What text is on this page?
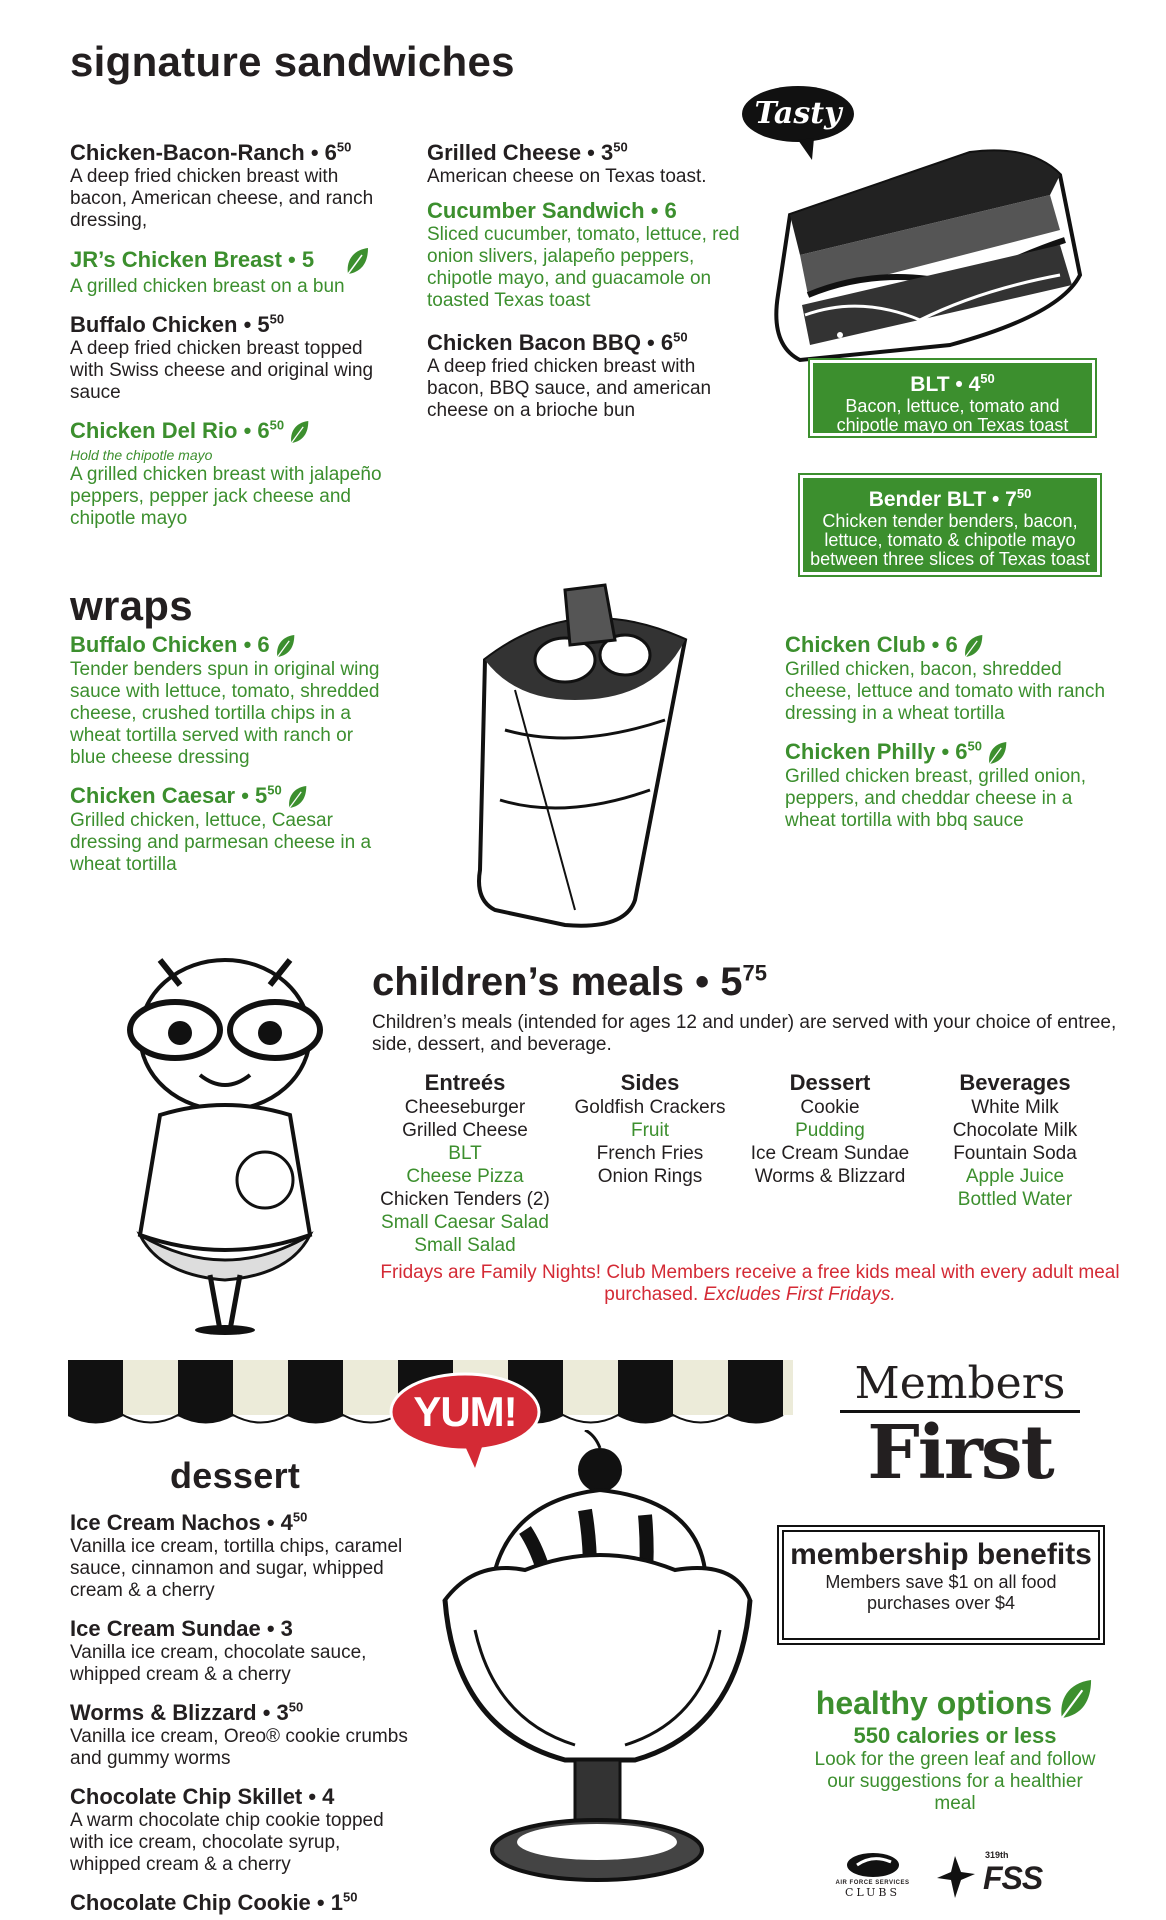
signature sandwiches
Chicken-Bacon-Ranch • $6^{50}$
A deep fried chicken breast with bacon, American cheese, and ranch dressing,
JR’s Chicken Breast • 5
A grilled chicken breast on a bun
Buffalo Chicken • $5^{50}$
A deep fried chicken breast topped with Swiss cheese and original wing sauce
Chicken Del Rio • $6^{50}$
Hold the chipotle mayo
A grilled chicken breast with jalapeño peppers, pepper jack cheese and chipotle mayo
Grilled Cheese • $3^{50}$
American cheese on Texas toast.
Cucumber Sandwich • 6
Sliced cucumber, tomato, lettuce, red onion slivers, jalapeño peppers, chipotle mayo, and guacamole on toasted Texas toast
Chicken Bacon BBQ • $6^{50}$
A deep fried chicken breast with bacon, BBQ sauce, and american cheese on a brioche bun
Tasty
BLT • $4^{50}$
Bacon, lettuce, tomato and chipotle mayo on Texas toast
Bender BLT • $7^{50}$
Chicken tender benders, bacon, lettuce, tomato & chipotle mayo between three slices of Texas toast
wraps
Buffalo Chicken • 6
Tender benders spun in original wing sauce with lettuce, tomato, shredded cheese, crushed tortilla chips in a wheat tortilla served with ranch or blue cheese dressing
Chicken Caesar • $5^{50}$
Grilled chicken, lettuce, Caesar dressing and parmesan cheese in a wheat tortilla
Chicken Club • 6
Grilled chicken, bacon, shredded cheese, lettuce and tomato with ranch dressing in a wheat tortilla
Chicken Philly • $6^{50}$
Grilled chicken breast, grilled onion, peppers, and cheddar cheese in a wheat tortilla with bbq sauce
children’s meals • $5^{75}$
Children’s meals (intended for ages 12 and under) are served with your choice of entree, side, dessert, and beverage.
Entreés
Cheeseburger
Grilled Cheese
BLT
Cheese Pizza
Chicken Tenders (2)
Small Caesar Salad
Small Salad
Sides
Goldfish Crackers
Fruit
French Fries
Onion Rings
Dessert
Cookie
Pudding
Ice Cream Sundae
Worms & Blizzard
Beverages
White Milk
Chocolate Milk
Fountain Soda
Apple Juice
Bottled Water
Fridays are Family Nights! Club Members receive a free kids meal with every adult meal purchased. Excludes First Fridays.
YUM!
dessert
Ice Cream Nachos • $4^{50}$
Vanilla ice cream, tortilla chips, caramel sauce, cinnamon and sugar, whipped cream & a cherry
Ice Cream Sundae • 3
Vanilla ice cream, chocolate sauce, whipped cream & a cherry
Worms & Blizzard • $3^{50}$
Vanilla ice cream, Oreo® cookie crumbs and gummy worms
Chocolate Chip Skillet • 4
A warm chocolate chip cookie topped with ice cream, chocolate syrup, whipped cream & a cherry
Chocolate Chip Cookie • $1^{50}$
Members
First
membership benefits
Members save $1 on all food purchases over $4
healthy options
550 calories or less
Look for the green leaf and follow our suggestions for a healthier meal
AIR FORCE SERVICES
CLUBS
319th
FSS
